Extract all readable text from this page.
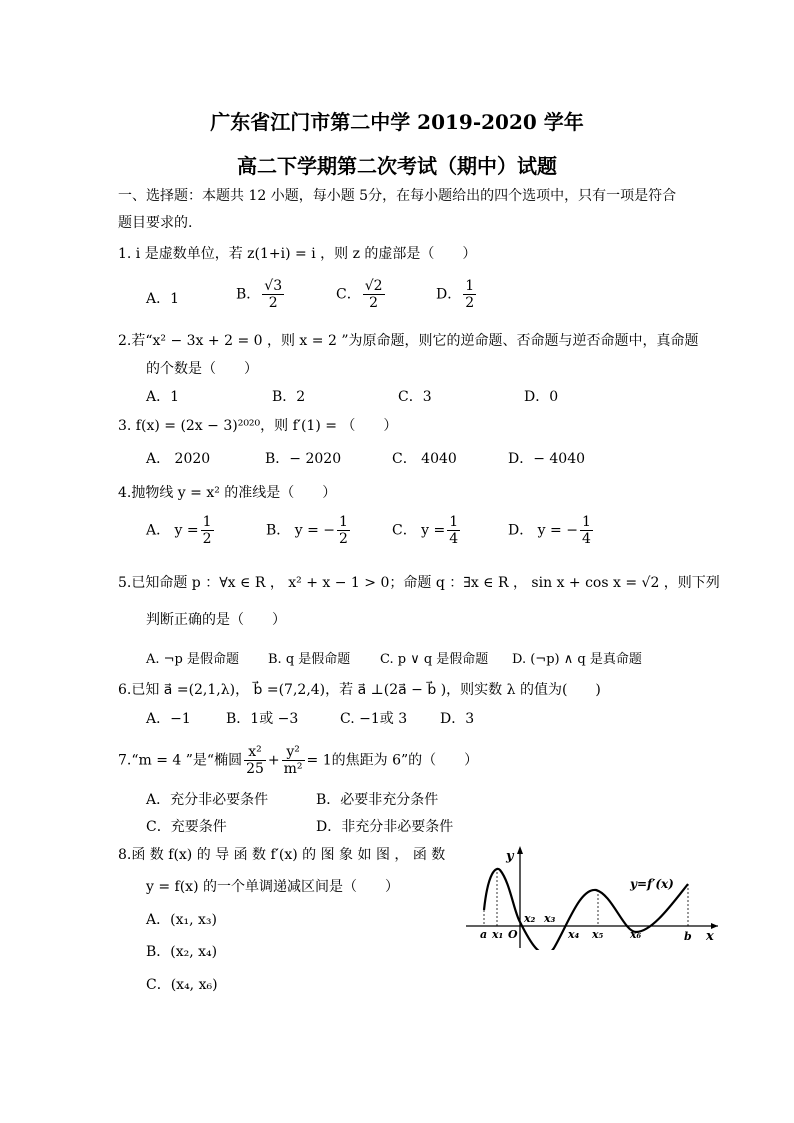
广东省江门市第二中学 2019-2020 学年
高二下学期第二次考试（期中）试题
一、选择题：本题共 12 小题，每小题 5分，在每小题给出的四个选项中，只有一项是符合
题目要求的.
1. i 是虚数单位，若 z(1+i) = i ，则 z 的虚部是（　　）
A．1	B． $\frac{√3}{2}$	C． $\frac{√2}{2}$	D． $\frac{1}{2}$
2.若“x² − 3x + 2 = 0 ，则 x = 2 ”为原命题，则它的逆命题、否命题与逆否命题中，真命题
的个数是（　　）
A．1	B．2	C．3	D．0
3. f(x) = (2x − 3)²⁰²⁰，则 f′(1) = （　　）
A． 2020	B．− 2020	C． 4040	D．− 4040
4.抛物线 y = x² 的准线是（　　）
A． $y = \frac{1}{2}$	B． y = − $\frac{1}{2}$	C． $y = \frac{1}{4}$	D． y = − $\frac{1}{4}$
5.已知命题 p ：∀x ∈ R ， x² + x − 1 > 0；命题 q ：∃x ∈ R ， sin x + cos x = √2 ，则下列
判断正确的是（　　）
A. ¬p 是假命题 B. q 是假命题 C. p ∨ q 是假命题 D. (¬p) ∧ q 是真命题
6.已知 a⃗ =(2,1,λ)， b⃗ =(7,2,4)，若 a⃗ ⊥(2a⃗ − b⃗ )，则实数 λ 的值为(　　)
A．−1	B．1或 −3	C. −1或 3 D．3
7.“m = 4 ”是“椭圆 $\frac{\text{x²}}{25} + \frac{\text{y²}}{\text{m²}} = 1$的焦距为 6”的（　　）
A．充分非必要条件	B．必要非充分条件
C．充要条件	D．非充分非必要条件
8.函 数 f(x) 的 导 函 数 f′(x) 的 图 象 如 图 ， 函 数
y = f(x) 的一个单调递减区间是（　　）
A．(x₁, x₃)
B．(x₂, x₄)
C．(x₄, x₆)
y
x
y=f′(x)
a x₁ O
x₂ x₃
x₄ x₅ x₆	b
